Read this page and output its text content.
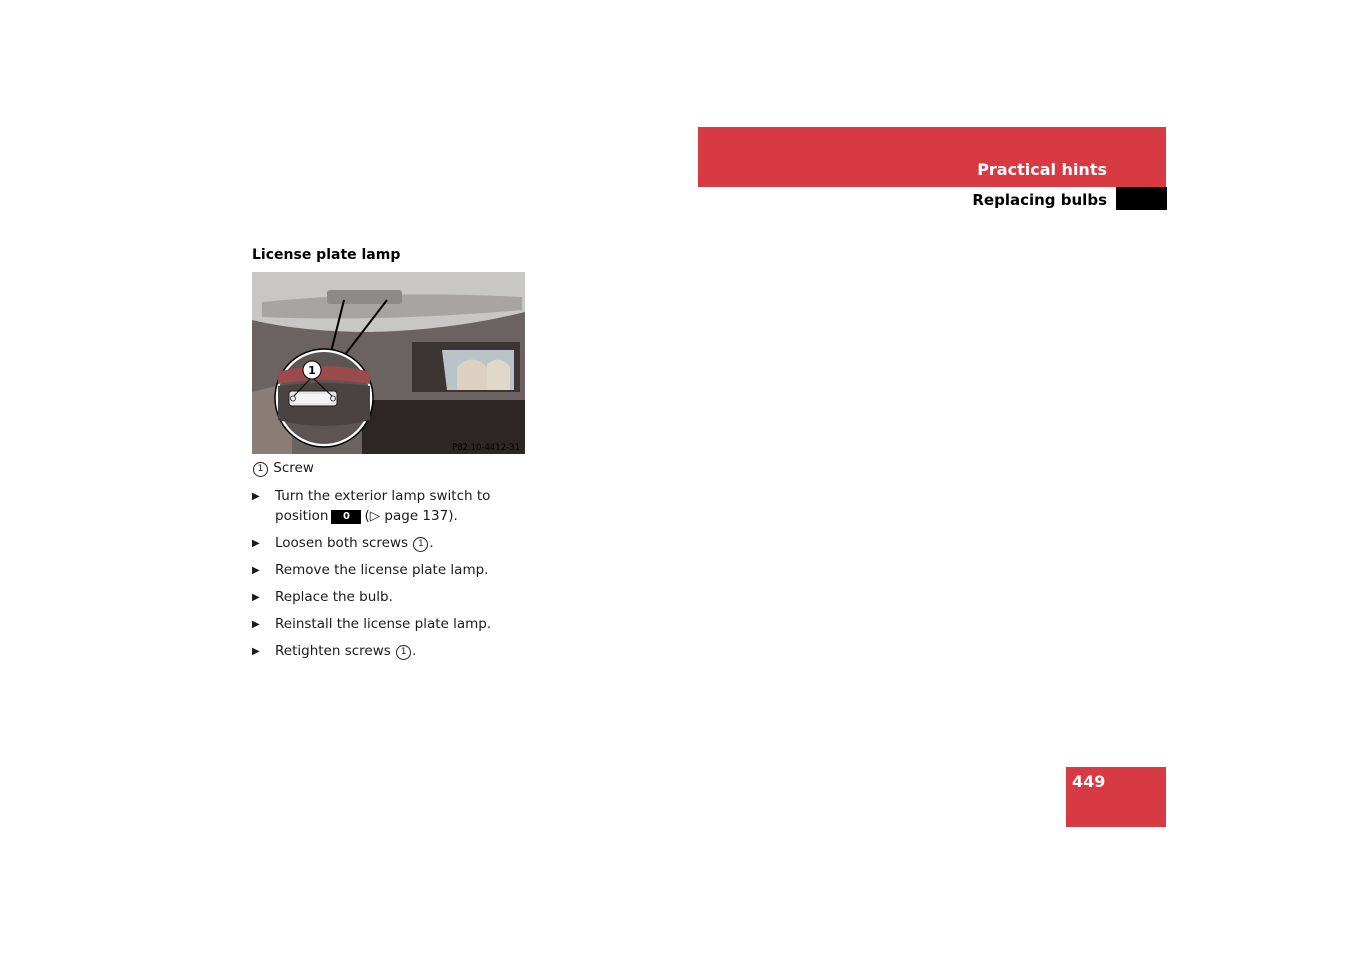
Practical hints
Replacing bulbs
License plate lamp
1
P82.10-4412-31
1 Screw
▶ Turn the exterior lamp switch to position 0 (▷ page 137).
▶ Loosen both screws 1 .
▶ Remove the license plate lamp.
▶ Replace the bulb.
▶ Reinstall the license plate lamp.
▶ Retighten screws 1 .
449
